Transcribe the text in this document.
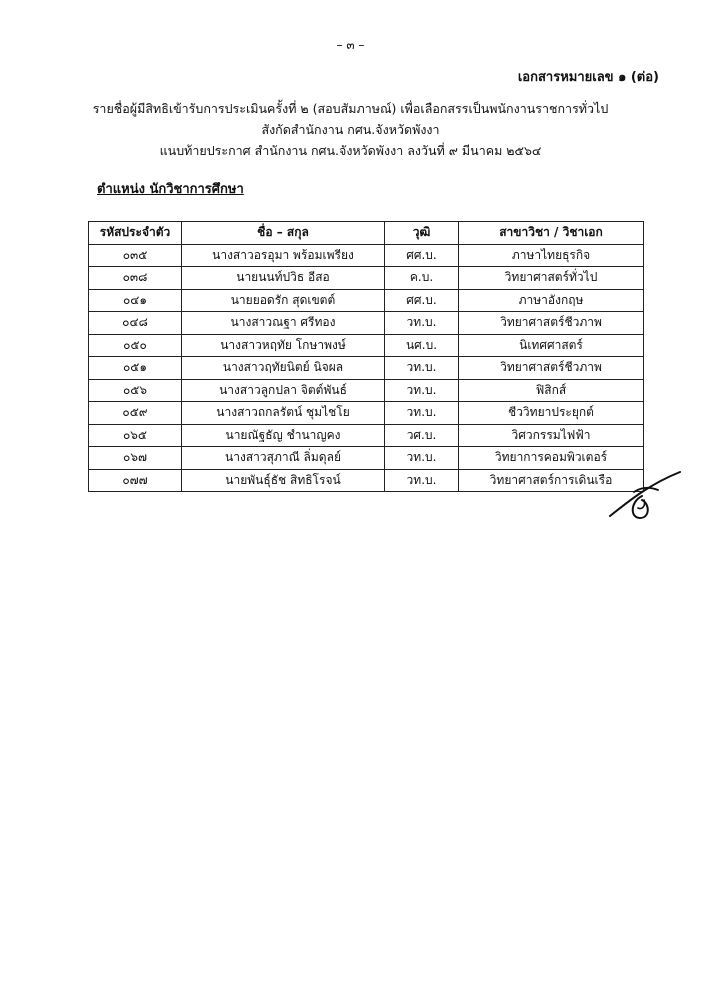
– ๓ –
เอกสารหมายเลข ๑ (ต่อ)
รายชื่อผู้มีสิทธิเข้ารับการประเมินครั้งที่ ๒ (สอบสัมภาษณ์) เพื่อเลือกสรรเป็นพนักงานราชการทั่วไป
สังกัดสำนักงาน กศน.จังหวัดพังงา
แนบท้ายประกาศ สำนักงาน กศน.จังหวัดพังงา ลงวันที่ ๙ มีนาคม ๒๕๖๔
ตำแหน่ง นักวิชาการศึกษา
รหัสประจำตัว	ชื่อ – สกุล	วุฒิ	สาขาวิชา / วิชาเอก
๐๓๕	นางสาวอรอุมา พร้อมเพรียง	ศศ.บ.	ภาษาไทยธุรกิจ
๐๓๘	นายนนท์ปวิธ อีสอ	ค.บ.	วิทยาศาสตร์ทั่วไป
๐๔๑	นายยอดรัก สุดเขตต์	ศศ.บ.	ภาษาอังกฤษ
๐๔๘	นางสาวณฐา ศรีทอง	วท.บ.	วิทยาศาสตร์ชีวภาพ
๐๕๐	นางสาวหฤทัย โกษาพงษ์	นศ.บ.	นิเทศศาสตร์
๐๕๑	นางสาวฤทัยนิตย์ นิจผล	วท.บ.	วิทยาศาสตร์ชีวภาพ
๐๕๖	นางสาวลูกปลา จิตต์พันธ์	วท.บ.	ฟิสิกส์
๐๕๙	นางสาวถกลรัตน์ ชุมไชโย	วท.บ.	ชีววิทยาประยุกต์
๐๖๕	นายณัฐธัญ ชำนาญคง	วศ.บ.	วิศวกรรมไฟฟ้า
๐๖๗	นางสาวสุภาณี ลิ่มดุลย์	วท.บ.	วิทยาการคอมพิวเตอร์
๐๗๗	นายพันธุ์ธัช สิทธิโรจน์	วท.บ.	วิทยาศาสตร์การเดินเรือ
